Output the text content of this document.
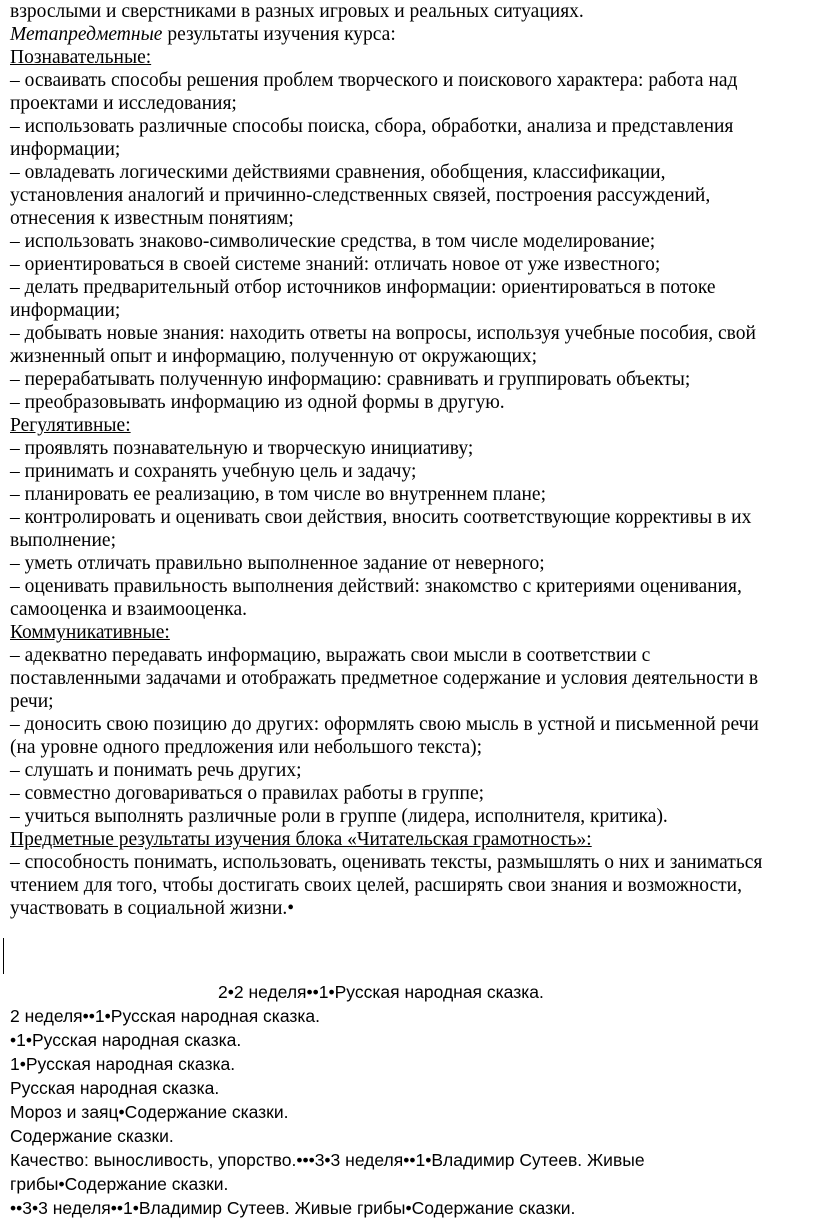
взрослыми и сверстниками в разных игровых и реальных ситуациях.
Метапредметные результаты изучения курса:
Познавательные:
– осваивать способы решения проблем творческого и поискового характера: работа над
проектами и исследования;
– использовать различные способы поиска, сбора, обработки, анализа и представления
информации;
– овладевать логическими действиями сравнения, обобщения, классификации,
установления аналогий и причинно-следственных связей, построения рассуждений,
отнесения к известным понятиям;
– использовать знаково-символические средства, в том числе моделирование;
– ориентироваться в своей системе знаний: отличать новое от уже известного;
– делать предварительный отбор источников информации: ориентироваться в потоке
информации;
– добывать новые знания: находить ответы на вопросы, используя учебные пособия, свой
жизненный опыт и информацию, полученную от окружающих;
– перерабатывать полученную информацию: сравнивать и группировать объекты;
– преобразовывать информацию из одной формы в другую.
Регулятивные:
– проявлять познавательную и творческую инициативу;
– принимать и сохранять учебную цель и задачу;
– планировать ее реализацию, в том числе во внутреннем плане;
– контролировать и оценивать свои действия, вносить соответствующие коррективы в их
выполнение;
– уметь отличать правильно выполненное задание от неверного;
– оценивать правильность выполнения действий: знакомство с критериями оценивания,
самооценка и взаимооценка.
Коммуникативные:
– адекватно передавать информацию, выражать свои мысли в соответствии с
поставленными задачами и отображать предметное содержание и условия деятельности в
речи;
– доносить свою позицию до других: оформлять свою мысль в устной и письменной речи
(на уровне одного предложения или небольшого текста);
– слушать и понимать речь других;
– совместно договариваться о правилах работы в группе;
– учиться выполнять различные роли в группе (лидера, исполнителя, критика).
Предметные результаты изучения блока «Читательская грамотность»:
– способность понимать, использовать, оценивать тексты, размышлять о них и заниматься
чтением для того, чтобы достигать своих целей, расширять свои знания и возможности,
участвовать в социальной жизни.•
2•2 неделя••1•Русская народная сказка.
2 неделя••1•Русская народная сказка.
•1•Русская народная сказка.
1•Русская народная сказка.
Русская народная сказка.
Мороз и заяц•Содержание сказки.
Содержание сказки.
Качество: выносливость, упорство.•••3•3 неделя••1•Владимир Сутеев. Живые
грибы•Содержание сказки.
••3•3 неделя••1•Владимир Сутеев. Живые грибы•Содержание сказки.
